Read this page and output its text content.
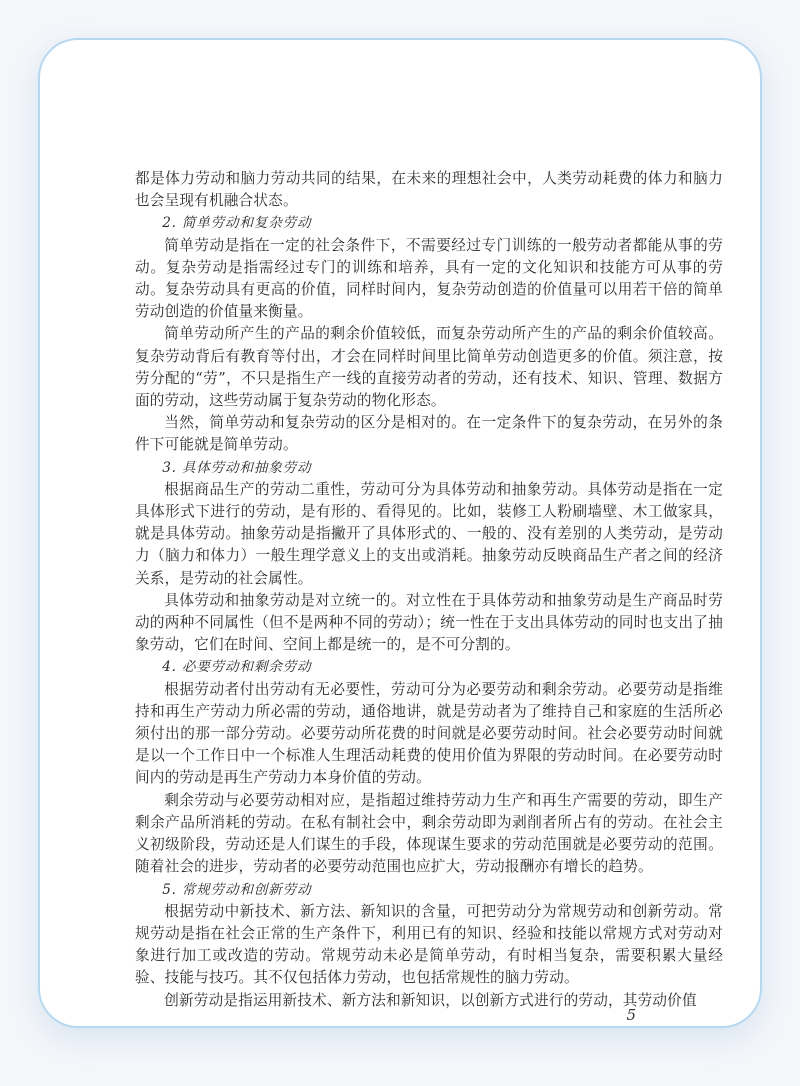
都是体力劳动和脑力劳动共同的结果，在未来的理想社会中，人类劳动耗费的体力和脑力也会呈现有机融合状态。

2. 简单劳动和复杂劳动

简单劳动是指在一定的社会条件下，不需要经过专门训练的一般劳动者都能从事的劳动。复杂劳动是指需经过专门的训练和培养，具有一定的文化知识和技能方可从事的劳动。复杂劳动具有更高的价值，同样时间内，复杂劳动创造的价值量可以用若干倍的简单劳动创造的价值量来衡量。

简单劳动所产生的产品的剩余价值较低，而复杂劳动所产生的产品的剩余价值较高。复杂劳动背后有教育等付出，才会在同样时间里比简单劳动创造更多的价值。须注意，按劳分配的“劳”，不只是指生产一线的直接劳动者的劳动，还有技术、知识、管理、数据方面的劳动，这些劳动属于复杂劳动的物化形态。

当然，简单劳动和复杂劳动的区分是相对的。在一定条件下的复杂劳动，在另外的条件下可能就是简单劳动。

3. 具体劳动和抽象劳动

根据商品生产的劳动二重性，劳动可分为具体劳动和抽象劳动。具体劳动是指在一定具体形式下进行的劳动，是有形的、看得见的。比如，装修工人粉刷墙壁、木工做家具，就是具体劳动。抽象劳动是指撇开了具体形式的、一般的、没有差别的人类劳动，是劳动力（脑力和体力）一般生理学意义上的支出或消耗。抽象劳动反映商品生产者之间的经济关系，是劳动的社会属性。

具体劳动和抽象劳动是对立统一的。对立性在于具体劳动和抽象劳动是生产商品时劳动的两种不同属性（但不是两种不同的劳动）；统一性在于支出具体劳动的同时也支出了抽象劳动，它们在时间、空间上都是统一的，是不可分割的。

4. 必要劳动和剩余劳动

根据劳动者付出劳动有无必要性，劳动可分为必要劳动和剩余劳动。必要劳动是指维持和再生产劳动力所必需的劳动，通俗地讲，就是劳动者为了维持自己和家庭的生活所必须付出的那一部分劳动。必要劳动所花费的时间就是必要劳动时间。社会必要劳动时间就是以一个工作日中一个标准人生理活动耗费的使用价值为界限的劳动时间。在必要劳动时间内的劳动是再生产劳动力本身价值的劳动。

剩余劳动与必要劳动相对应，是指超过维持劳动力生产和再生产需要的劳动，即生产剩余产品所消耗的劳动。在私有制社会中，剩余劳动即为剥削者所占有的劳动。在社会主义初级阶段，劳动还是人们谋生的手段，体现谋生要求的劳动范围就是必要劳动的范围。随着社会的进步，劳动者的必要劳动范围也应扩大，劳动报酬亦有增长的趋势。

5. 常规劳动和创新劳动

根据劳动中新技术、新方法、新知识的含量，可把劳动分为常规劳动和创新劳动。常规劳动是指在社会正常的生产条件下，利用已有的知识、经验和技能以常规方式对劳动对象进行加工或改造的劳动。常规劳动未必是简单劳动，有时相当复杂，需要积累大量经验、技能与技巧。其不仅包括体力劳动，也包括常规性的脑力劳动。

创新劳动是指运用新技术、新方法和新知识，以创新方式进行的劳动，其劳动价值

5
